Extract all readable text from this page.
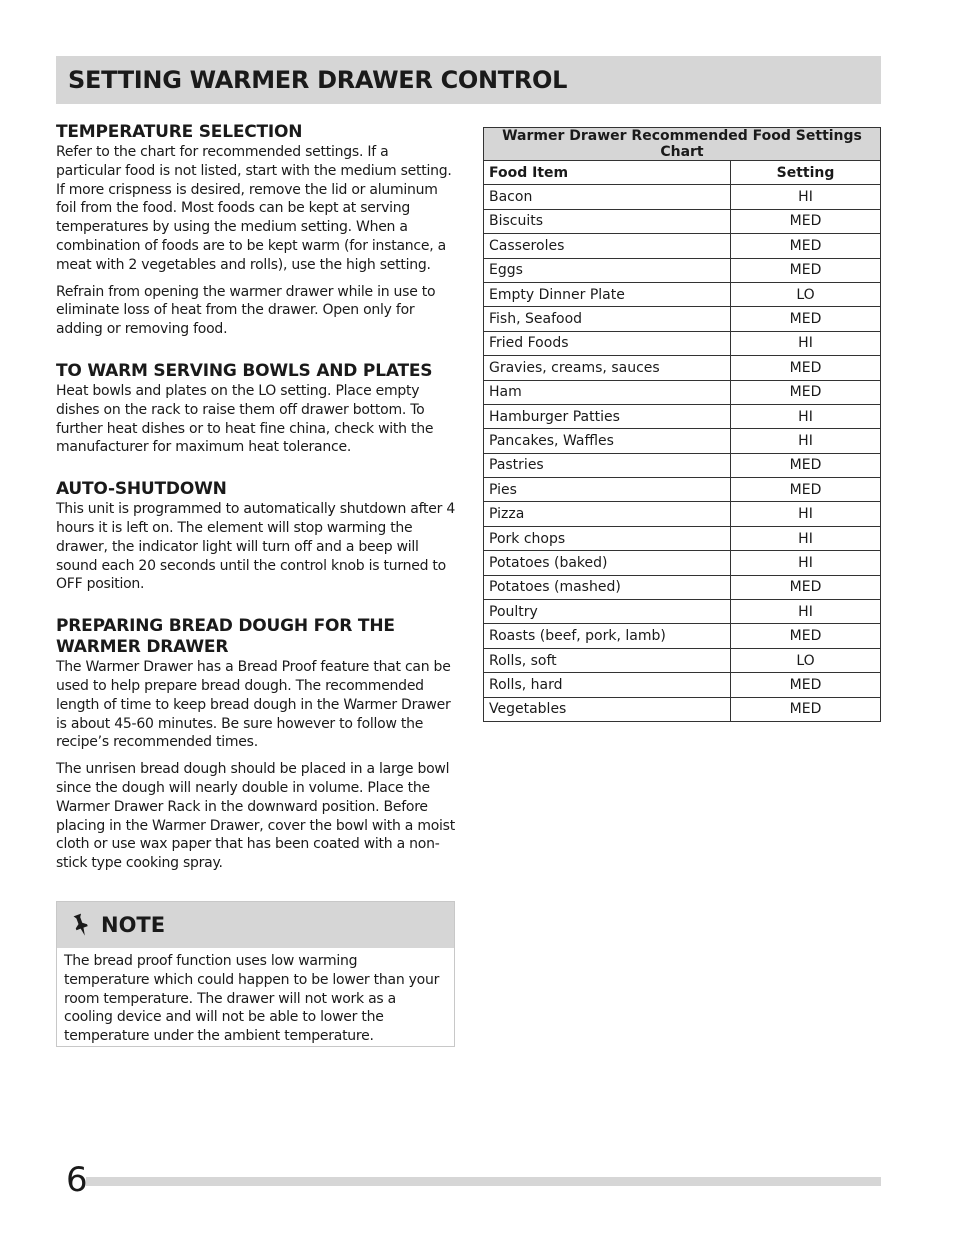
SETTING WARMER DRAWER CONTROL
TEMPERATURE SELECTION

Refer to the chart for recommended settings. If a particular food is not listed, start with the medium setting. If more crispness is desired, remove the lid or aluminum foil from the food. Most foods can be kept at serving temperatures by using the medium setting. When a combination of foods are to be kept warm (for instance, a meat with 2 vegetables and rolls), use the high setting.

Refrain from opening the warmer drawer while in use to eliminate loss of heat from the drawer. Open only for adding or removing food.

TO WARM SERVING BOWLS AND PLATES

Heat bowls and plates on the LO setting. Place empty dishes on the rack to raise them off drawer bottom. To further heat dishes or to heat fine china, check with the manufacturer for maximum heat tolerance.

AUTO-SHUTDOWN

This unit is programmed to automatically shutdown after 4 hours it is left on. The element will stop warming the drawer, the indicator light will turn off and a beep will sound each 20 seconds until the control knob is turned to OFF position.

PREPARING BREAD DOUGH FOR THE WARMER DRAWER

The Warmer Drawer has a Bread Proof feature that can be used to help prepare bread dough. The recommended length of time to keep bread dough in the Warmer Drawer is about 45-60 minutes. Be sure however to follow the recipe’s recommended times.

The unrisen bread dough should be placed in a large bowl since the dough will nearly double in volume. Place the Warmer Drawer Rack in the downward position. Before placing in the Warmer Drawer, cover the bowl with a moist cloth or use wax paper that has been coated with a non-stick type cooking spray.

NOTE
The bread proof function uses low warming temperature which could happen to be lower than your room temperature. The drawer will not work as a cooling device and will not be able to lower the temperature under the ambient temperature.
Warmer Drawer Recommended Food Settings Chart	
Food Item	Setting
Bacon	HI
Biscuits	MED
Casseroles	MED
Eggs	MED
Empty Dinner Plate	LO
Fish, Seafood	MED
Fried Foods	HI
Gravies, creams, sauces	MED
Ham	MED
Hamburger Patties	HI
Pancakes, Waffles	HI
Pastries	MED
Pies	MED
Pizza	HI
Pork chops	HI
Potatoes (baked)	HI
Potatoes (mashed)	MED
Poultry	HI
Roasts (beef, pork, lamb)	MED
Rolls, soft	LO
Rolls, hard	MED
Vegetables	MED
6
